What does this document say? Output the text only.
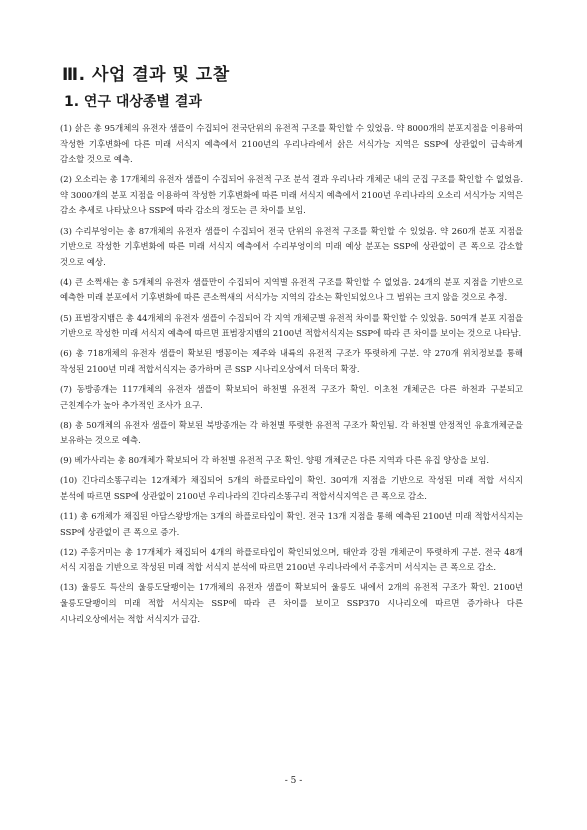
Ⅲ. 사업 결과 및 고찰
1. 연구 대상종별 결과

(1) 삵은 총 95개체의 유전자 샘플이 수집되어 전국단위의 유전적 구조를 확인할 수 있었음. 약 8000개의 분포지점을 이용하여 작성한 기후변화에 다른 미래 서식지 예측에서 2100년의 우리나라에서 삵은 서식가능 지역은 SSP에 상관없이 급속하게 감소할 것으로 예측.

(2) 오소리는 총 17개체의 유전자 샘플이 수집되어 유전적 구조 분석 결과 우리나라 개체군 내의 군집 구조를 확인할 수 없었음. 약 3000개의 분포 지점을 이용하여 작성한 기후변화에 따른 미래 서식지 예측에서 2100년 우리나라의 오소리 서식가능 지역은 감소 추세로 나타났으나 SSP에 따라 감소의 정도는 큰 차이를 보임.

(3) 수리부엉이는 총 87개체의 유전자 샘플이 수집되어 전국 단위의 유전적 구조를 확인할 수 있었음. 약 260개 분포 지점을 기반으로 작성한 기후변화에 따른 미래 서식지 예측에서 수리부엉이의 미래 예상 분포는 SSP에 상관없이 큰 폭으로 감소할 것으로 예상.

(4) 큰 소쩍새는 총 5개체의 유전자 샘플만이 수집되어 지역별 유전적 구조를 확인할 수 없었음. 24개의 분포 지점을 기반으로 예측한 미래 분포에서 기후변화에 따른 큰소쩍새의 서식가능 지역의 감소는 확인되었으나 그 범위는 크지 않을 것으로 추정.

(5) 표범장지뱀은 총 44개체의 유전자 샘플이 수집되어 각 지역 개체군별 유전적 차이를 확인할 수 있었음. 50여개 분포 지점을 기반으로 작성한 미래 서식지 예측에 따르면 표범장지뱀의 2100년 적합서식지는 SSP에 따라 큰 차이를 보이는 것으로 나타남.

(6) 총 718개체의 유전자 샘플이 확보된 맹꽁이는 제주와 내륙의 유전적 구조가 뚜렷하게 구분. 약 270개 위치정보를 통해 작성된 2100년 미래 적합서식지는 증가하며 큰 SSP 시나리오상에서 더욱더 확장.

(7) 동방종개는 117개체의 유전자 샘플이 확보되어 하천별 유전적 구조가 확인. 이초천 개체군은 다른 하천과 구분되고 근친계수가 높아 추가적인 조사가 요구.

(8) 총 50개체의 유전자 샘플이 확보된 북방종개는 각 하천별 뚜렷한 유전적 구조가 확인됨. 각 하천별 안정적인 유효개체군을 보유하는 것으로 예측.

(9) 베가사리는 총 80개체가 확보되어 각 하천별 유전적 구조 확인. 양평 개체군은 다른 지역과 다른 유집 양상을 보임.

(10) 긴다리소똥구리는 12개체가 채집되어 5개의 하플로타입이 확인. 30여개 지점을 기반으로 작성된 미래 적합 서식지 분석에 따르면 SSP에 상관없이 2100년 우리나라의 긴다리소똥구리 적합서식지역은 큰 폭으로 감소.

(11) 총 6개체가 채집된 아담스왕방개는 3개의 하플로타입이 확인. 전국 13개 지점을 통해 예측된 2100년 미래 적합서식지는 SSP에 상관없이 큰 폭으로 증가.

(12) 주홍거미는 총 17개체가 채집되어 4개의 하플로타입이 확인되었으며, 태안과 강원 개체군이 뚜렷하게 구분. 전국 48개 서식 지점을 기반으로 작성된 미래 적합 서식지 분석에 따르면 2100년 우리나라에서 주홍거미 서식지는 큰 폭으로 감소.

(13) 울릉도 특산의 울릉도달팽이는 17개체의 유전자 샘플이 확보되어 울릉도 내에서 2개의 유전적 구조가 확인. 2100년 울릉도달팽이의 미래 적합 서식지는 SSP에 따라 큰 차이를 보이고 SSP370 시나리오에 따르면 증가하나 다른 시나리오상에서는 적합 서식지가 급감.

- 5 -
